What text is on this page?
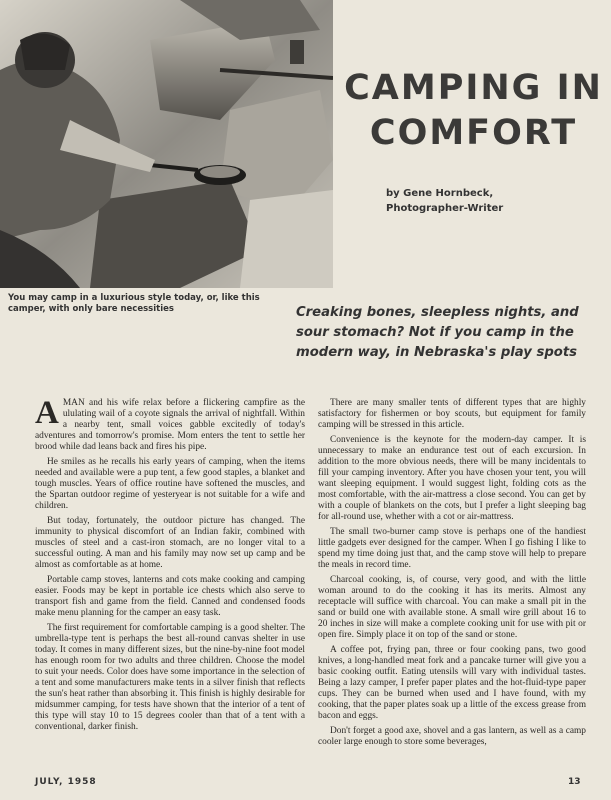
CAMPING IN
COMFORT
by Gene Hornbeck,
Photographer-Writer
You may camp in a luxurious style today, or, like this camper, with only bare necessities	Creaking bones, sleepless nights, and sour stomach? Not if you camp in the modern way, in Nebraska's play spots

AMAN and his wife relax before a flickering campfire as the ululating wail of a coyote signals the arrival of nightfall. Within a nearby tent, small voices gabble excitedly of today's adventures and tomorrow's promise. Mom enters the tent to settle her brood while dad leans back and fires his pipe.

He smiles as he recalls his early years of camping, when the items needed and available were a pup tent, a few good staples, a blanket and tough muscles. Years of office routine have softened the muscles, and the Spartan outdoor regime of yesteryear is not suitable for a wife and children.

But today, fortunately, the outdoor picture has changed. The immunity to physical discomfort of an Indian fakir, combined with muscles of steel and a cast-iron stomach, are no longer vital to a successful outing. A man and his family may now set up camp and be almost as comfortable as at home.

Portable camp stoves, lanterns and cots make cooking and camping easier. Foods may be kept in portable ice chests which also serve to transport fish and game from the field. Canned and condensed foods make menu planning for the camper an easy task.

The first requirement for comfortable camping is a good shelter. The umbrella-type tent is perhaps the best all-round canvas shelter in use today. It comes in many different sizes, but the nine-by-nine foot model has enough room for two adults and three children. Choose the model to suit your needs. Color does have some importance in the selection of a tent and some manufacturers make tents in a silver finish that reflects the sun's heat rather than absorbing it. This finish is highly desirable for midsummer camping, for tests have shown that the interior of a tent of this type will stay 10 to 15 degrees cooler than that of a tent with a conventional, darker finish.

There are many smaller tents of different types that are highly satisfactory for fishermen or boy scouts, but equipment for family camping will be stressed in this article.

Convenience is the keynote for the modern-day camper. It is unnecessary to make an endurance test out of each excursion. In addition to the more obvious needs, there will be many incidentals to fill your camping inventory. After you have chosen your tent, you will want sleeping equipment. I would suggest light, folding cots as the most comfortable, with the air-mattress a close second. You can get by with a couple of blankets on the cots, but I prefer a light sleeping bag for all-round use, whether with a cot or air-mattress.

The small two-burner camp stove is perhaps one of the handiest little gadgets ever designed for the camper. When I go fishing I like to spend my time doing just that, and the camp stove will help to prepare the meals in record time.

Charcoal cooking, is, of course, very good, and with the little woman around to do the cooking it has its merits. Almost any receptacle will suffice with charcoal. You can make a small pit in the sand or build one with available stone. A small wire grill about 16 to 20 inches in size will make a complete cooking unit for use with pit or open fire. Simply place it on top of the sand or stone.

A coffee pot, frying pan, three or four cooking pans, two good knives, a long-handled meat fork and a pancake turner will give you a basic cooking outfit. Eating utensils will vary with individual tastes. Being a lazy camper, I prefer paper plates and the hot-fluid-type paper cups. They can be burned when used and I have found, with my cooking, that the paper plates soak up a little of the excess grease from bacon and eggs.

Don't forget a good axe, shovel and a gas lantern, as well as a camp cooler large enough to store some beverages,

JULY, 1958	13
